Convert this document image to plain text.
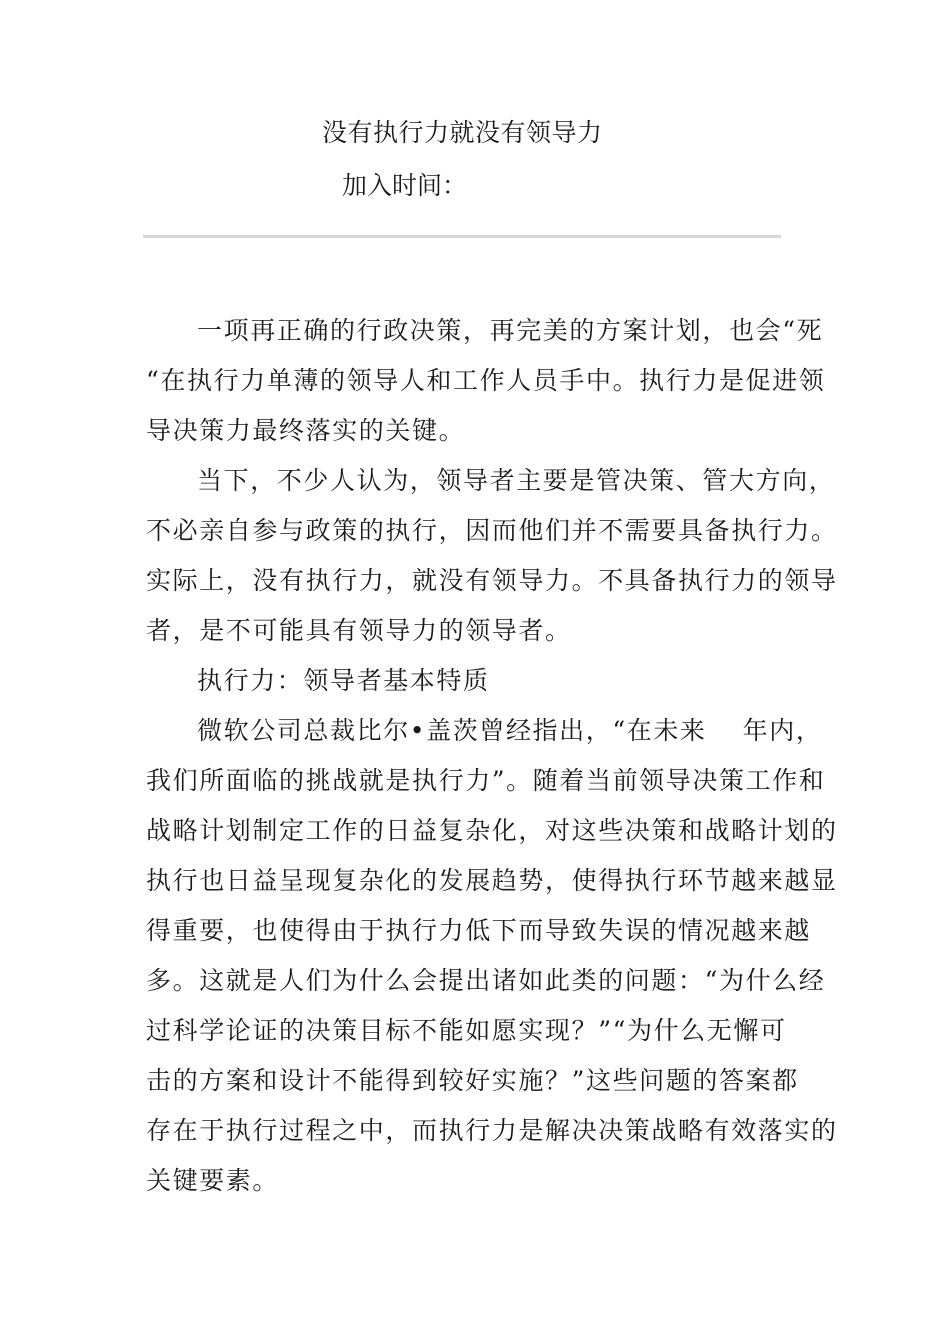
没有执行力就没有领导力
加入时间：
一项再正确的行政决策，再完美的方案计划，也会“死
“在执行力单薄的领导人和工作人员手中。执行力是促进领
导决策力最终落实的关键。
当下，不少人认为，领导者主要是管决策、管大方向，
不必亲自参与政策的执行，因而他们并不需要具备执行力。
实际上，没有执行力，就没有领导力。不具备执行力的领导
者，是不可能具有领导力的领导者。
执行力：领导者基本特质
微软公司总裁比尔•盖茨曾经指出，“在未来　 年内，
我们所面临的挑战就是执行力”。随着当前领导决策工作和
战略计划制定工作的日益复杂化，对这些决策和战略计划的
执行也日益呈现复杂化的发展趋势，使得执行环节越来越显
得重要，也使得由于执行力低下而导致失误的情况越来越
多。这就是人们为什么会提出诸如此类的问题：“为什么经
过科学论证的决策目标不能如愿实现？”“为什么无懈可
击的方案和设计不能得到较好实施？”这些问题的答案都
存在于执行过程之中，而执行力是解决决策战略有效落实的
关键要素。
